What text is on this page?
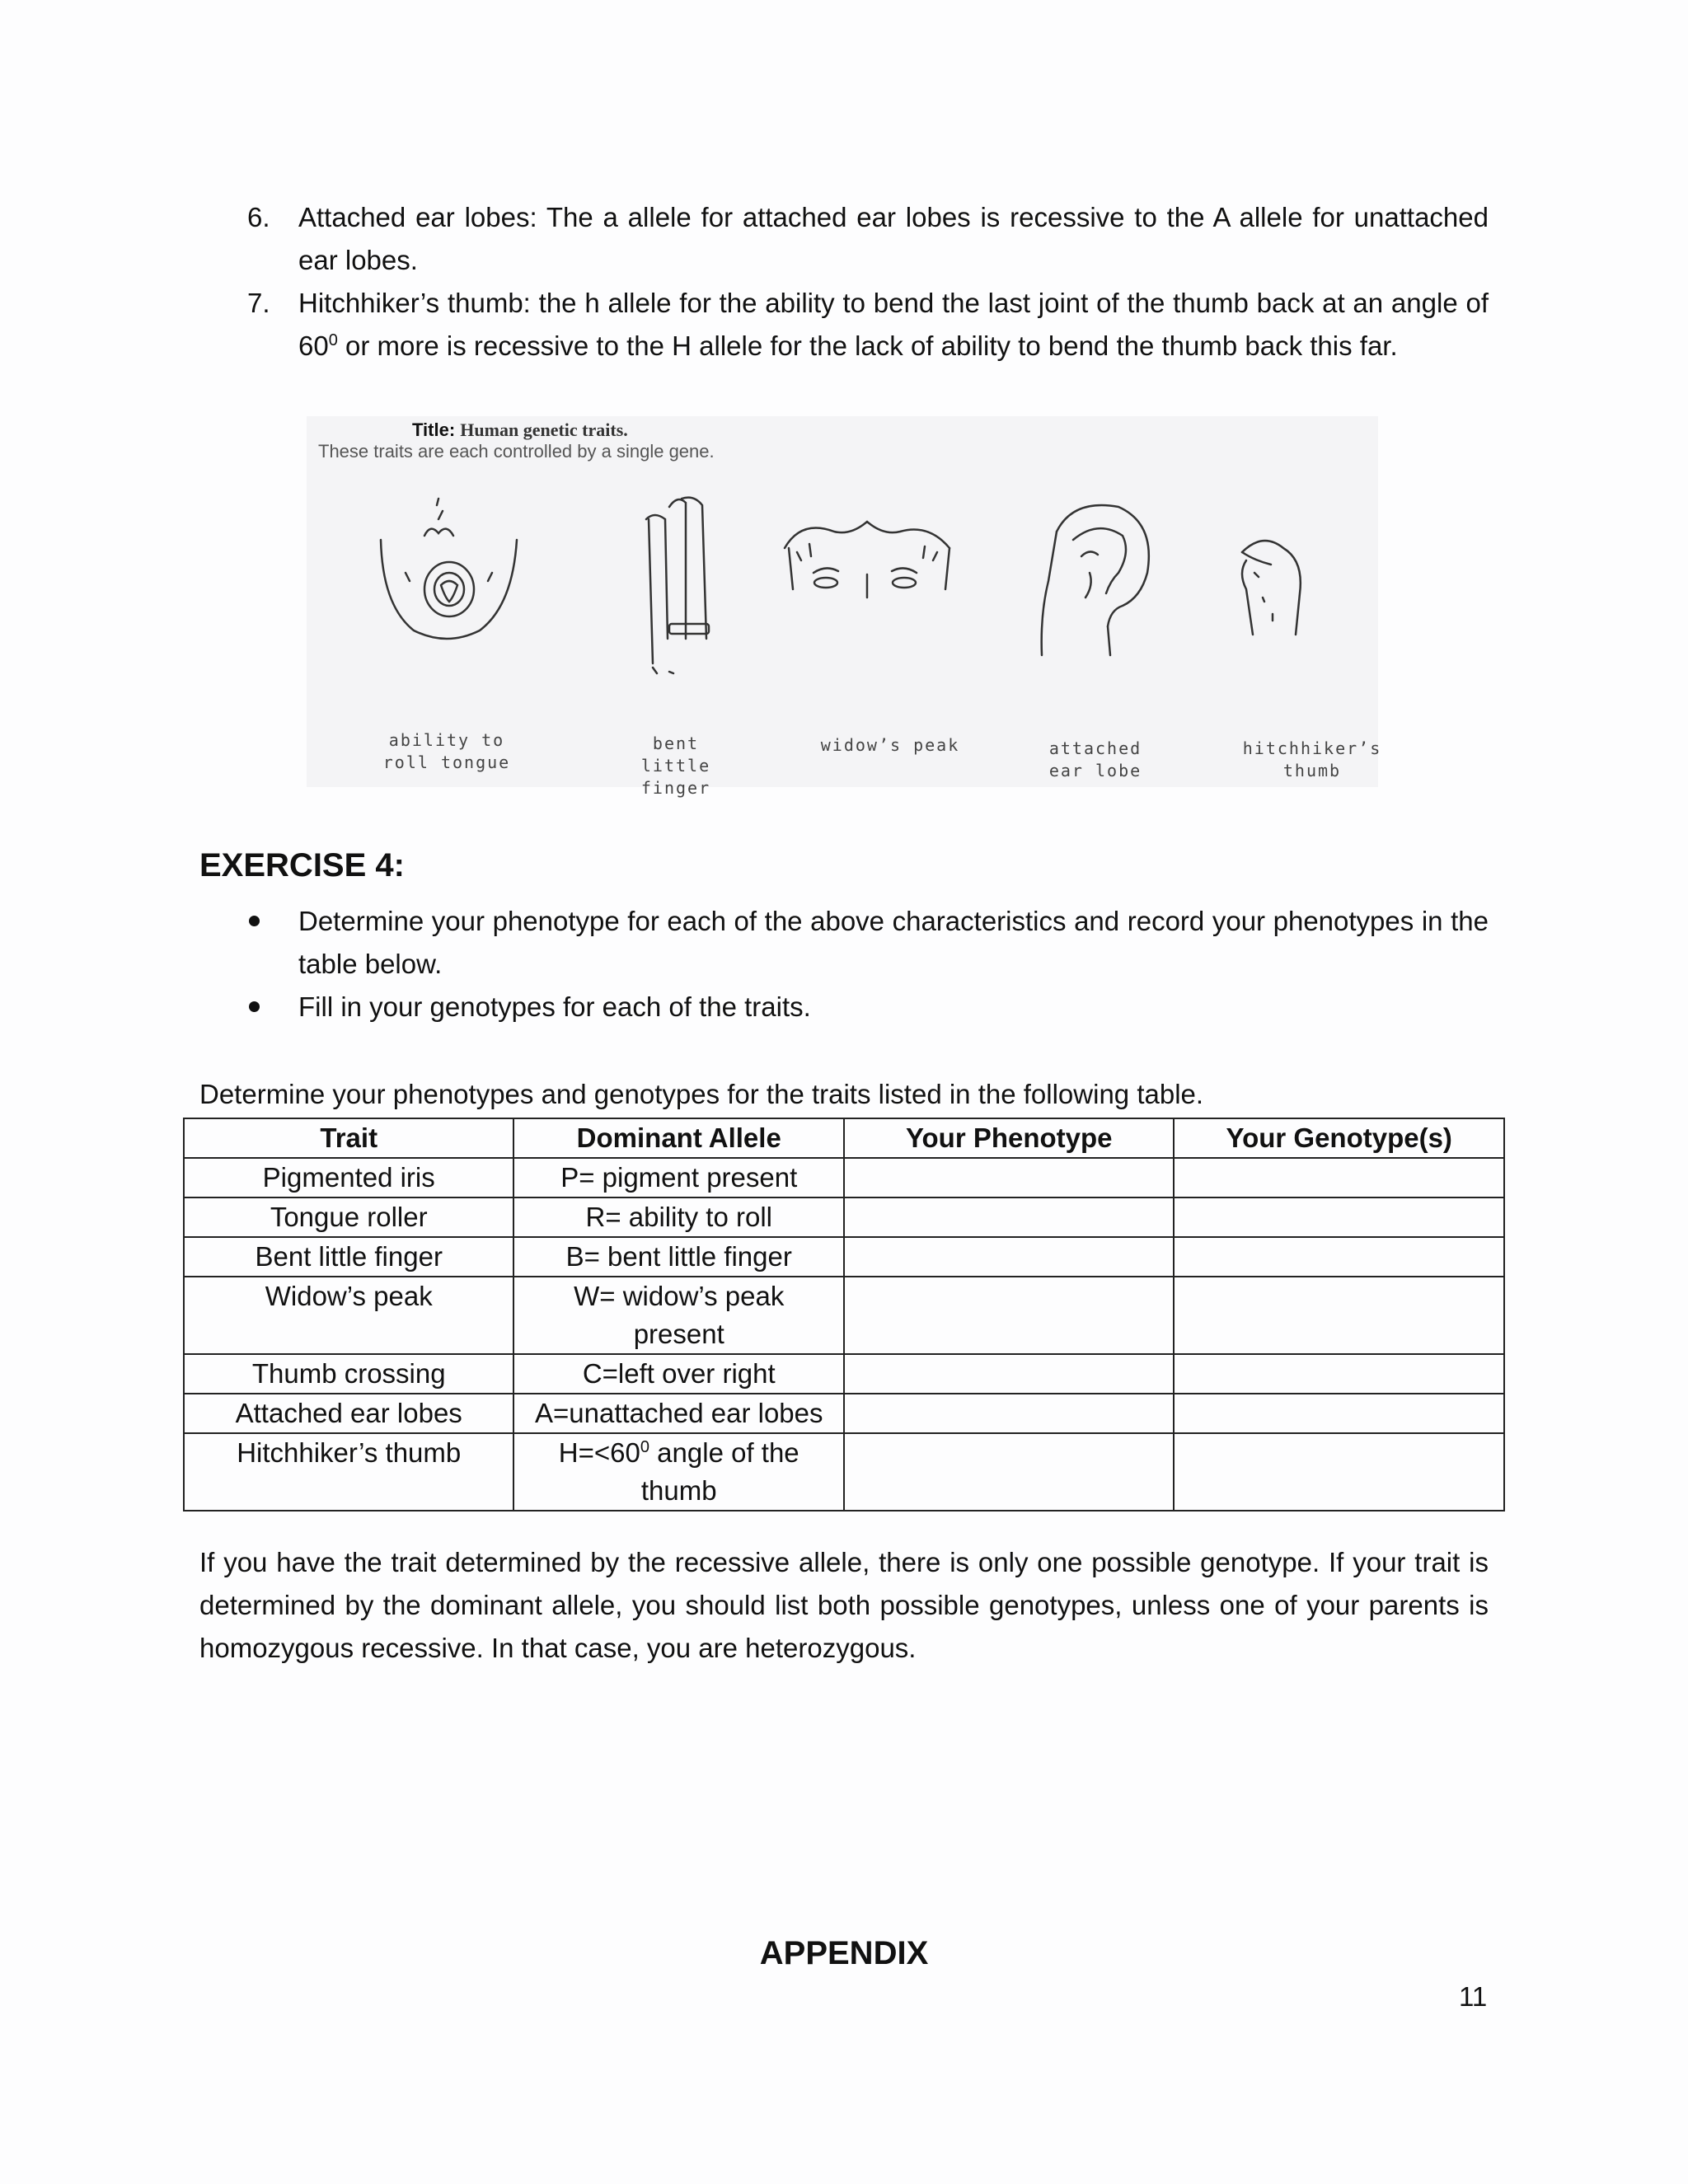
6. Attached ear lobes: The a allele for attached ear lobes is recessive to the A allele for unattached ear lobes.
7. Hitchhiker’s thumb: the h allele for the ability to bend the last joint of the thumb back at an angle of $60^0$ or more is recessive to the H allele for the lack of ability to bend the thumb back this far.
Title: Human genetic traits.
These traits are each controlled by a single gene.
ability to
roll tongue
bent
little finger
widow’s peak	attached
ear lobe
hitchhiker’s
thumb
EXERCISE 4:
Determine your phenotype for each of the above characteristics and record your phenotypes in the table below.
Fill in your genotypes for each of the traits.
Determine your phenotypes and genotypes for the traits listed in the following table.
Trait	Dominant Allele	Your Phenotype	Your Genotype(s)
Pigmented iris	P= pigment present		
Tongue roller	R= ability to roll		
Bent little finger	B= bent little finger		
Widow’s peak	W= widow’s peak present		
Thumb crossing	C=left over right		
Attached ear lobes	A=unattached ear lobes		
Hitchhiker’s thumb	$H=<60^0$ angle of the thumb		
If you have the trait determined by the recessive allele, there is only one possible genotype. If your trait is determined by the dominant allele, you should list both possible genotypes, unless one of your parents is homozygous recessive. In that case, you are heterozygous.
APPENDIX
11
